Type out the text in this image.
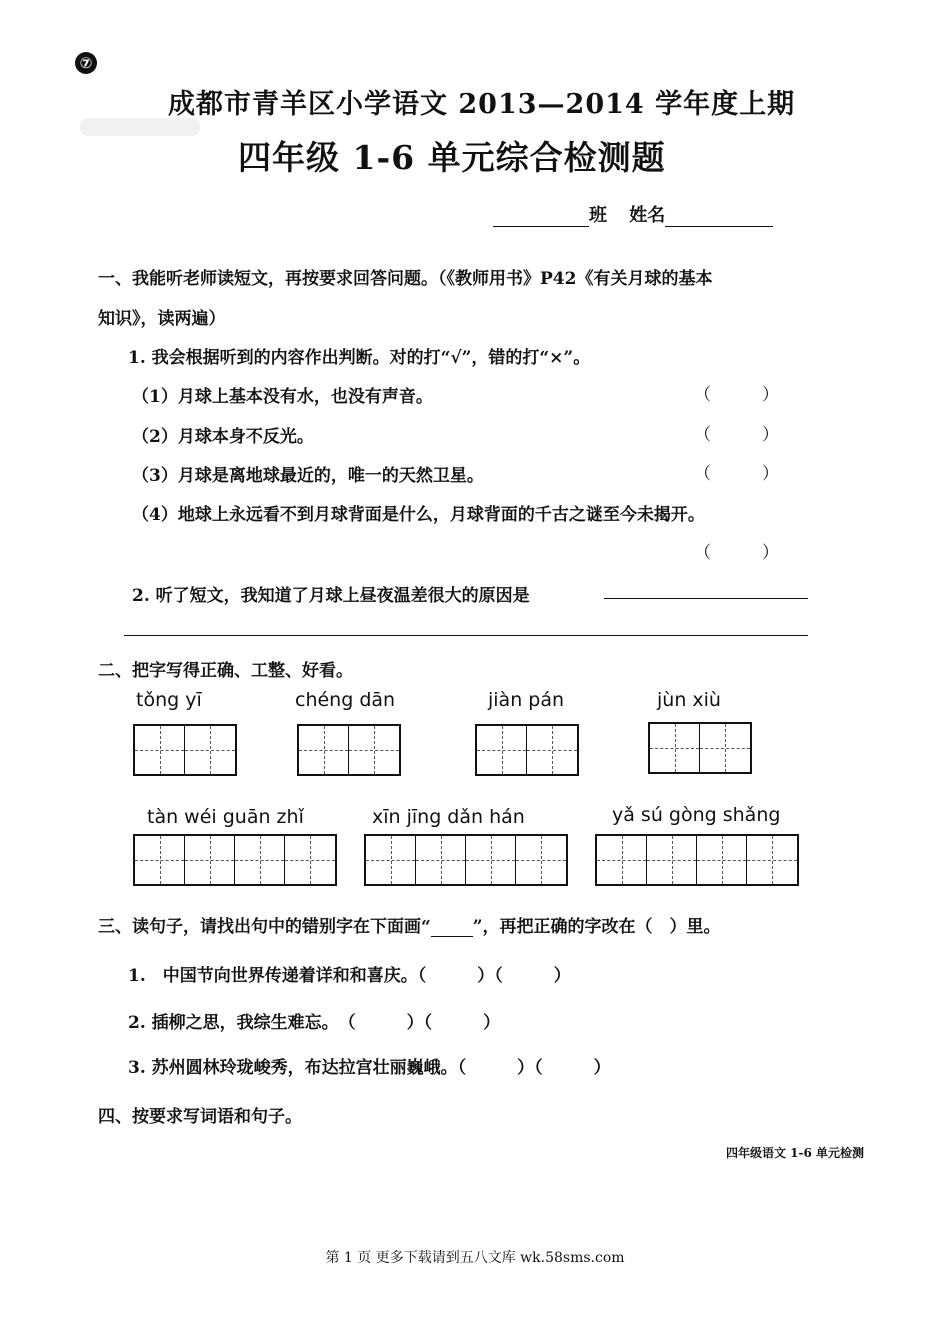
⑦
成都市青羊区小学语文 2013—2014 学年度上期
四年级 1-6 单元综合检测题
班 姓名
一、我能听老师读短文，再按要求回答问题。（《教师用书》P42《有关月球的基本
知识》，读两遍）
1. 我会根据听到的内容作出判断。对的打“√”，错的打“×”。
（1）月球上基本没有水，也没有声音。	（　　　）
（2）月球本身不反光。	（　　　）
（3）月球是离地球最近的，唯一的天然卫星。	（　　　）
（4）地球上永远看不到月球背面是什么，月球背面的千古之谜至今未揭开。
（　　　）
2. 听了短文，我知道了月球上昼夜温差很大的原因是
二、把字写得正确、工整、好看。
tǒng yī	chéng dān	jiàn pán	jùn xiù
tàn wéi guān zhǐ	xīn jīng dǎn hán	yǎ sú gòng shǎng
三、读句子，请找出句中的错别字在下面画“ ”，再把正确的字改在（　）里。
1.　中国节向世界传递着详和和喜庆。（　　　）（　　　）
2. 插柳之思，我综生难忘。　（　　　）（　　　）
3. 苏州圆林玲珑峻秀，布达拉宫壮丽巍峨。（　　　）（　　　）
四、按要求写词语和句子。
四年级语文 1-6 单元检测
第 1 页 更多下载请到五八文库 wk.58sms.com
